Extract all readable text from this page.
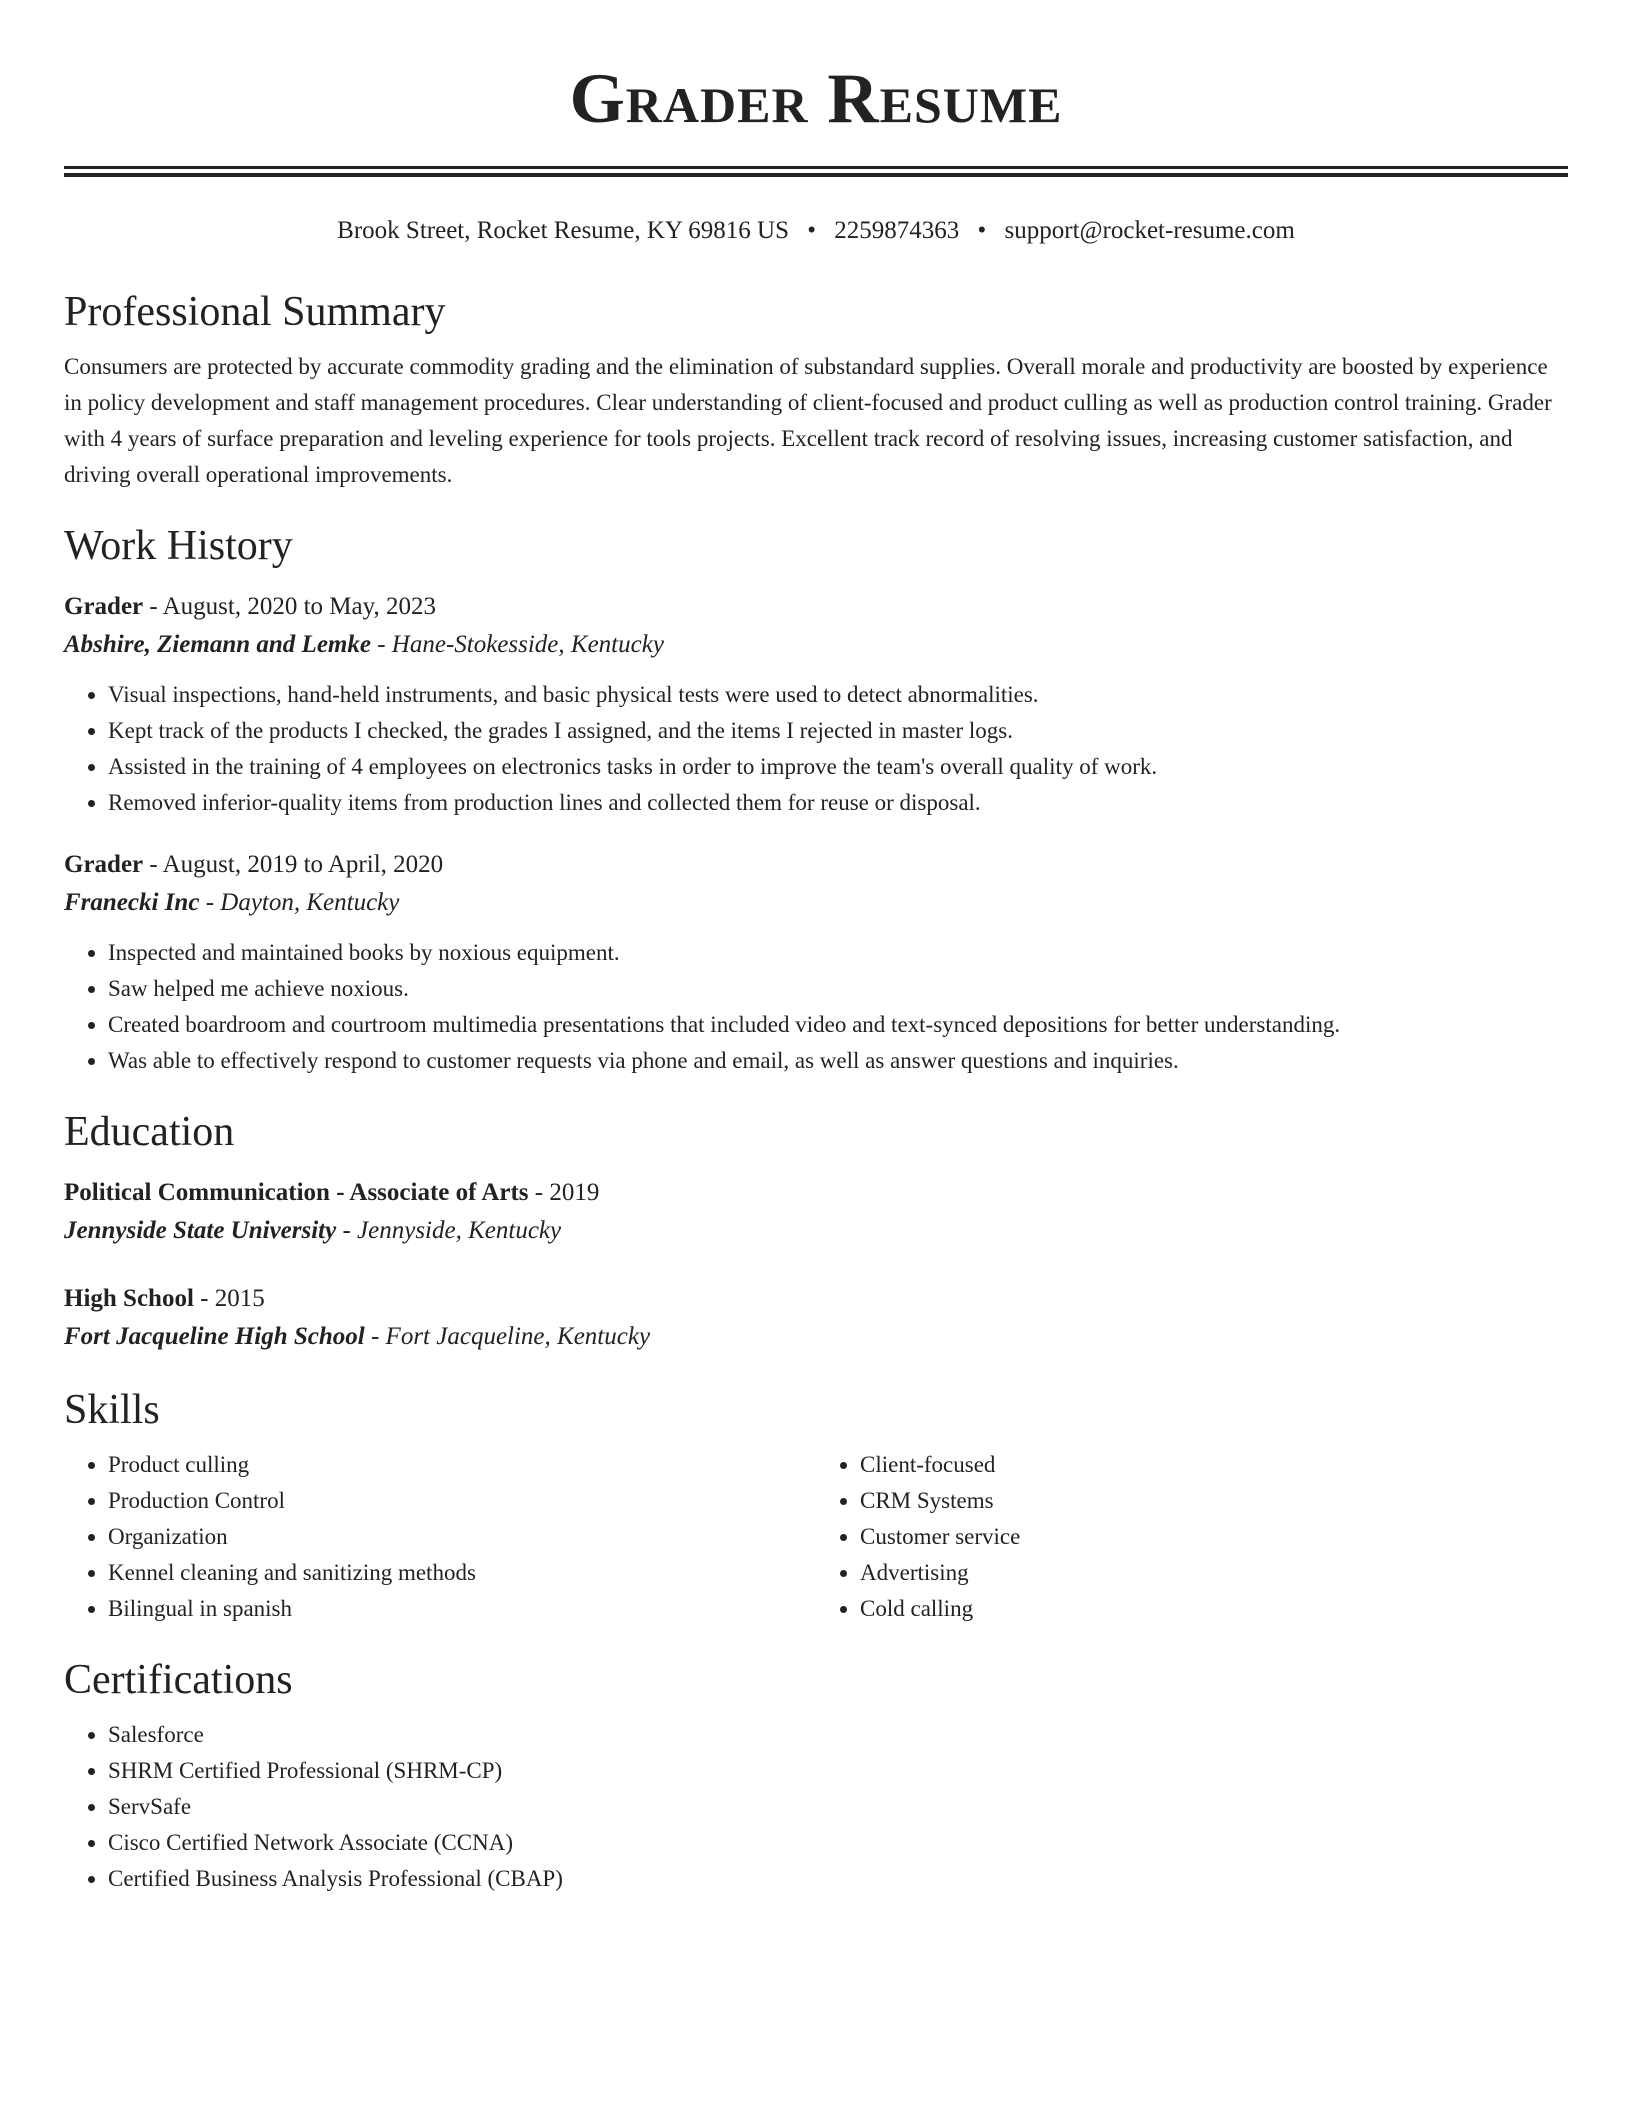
Grader Resume
Brook Street, Rocket Resume, KY 69816 US • 2259874363 • support@rocket-resume.com
Professional Summary

Consumers are protected by accurate commodity grading and the elimination of substandard supplies. Overall morale and productivity are boosted by experience in policy development and staff management procedures. Clear understanding of client-focused and product culling as well as production control training. Grader with 4 years of surface preparation and leveling experience for tools projects. Excellent track record of resolving issues, increasing customer satisfaction, and driving overall operational improvements.

Work History
Grader - August, 2020 to May, 2023
Abshire, Ziemann and Lemke - Hane-Stokesside, Kentucky
• Visual inspections, hand-held instruments, and basic physical tests were used to detect abnormalities.
• Kept track of the products I checked, the grades I assigned, and the items I rejected in master logs.
• Assisted in the training of 4 employees on electronics tasks in order to improve the team's overall quality of work.
• Removed inferior-quality items from production lines and collected them for reuse or disposal.
Grader - August, 2019 to April, 2020
Franecki Inc - Dayton, Kentucky
• Inspected and maintained books by noxious equipment.
• Saw helped me achieve noxious.
• Created boardroom and courtroom multimedia presentations that included video and text-synced depositions for better understanding.
• Was able to effectively respond to customer requests via phone and email, as well as answer questions and inquiries.
Education
Political Communication - Associate of Arts - 2019
Jennyside State University - Jennyside, Kentucky
High School - 2015
Fort Jacqueline High School - Fort Jacqueline, Kentucky
Skills
• Product culling
• Production Control
• Organization
• Kennel cleaning and sanitizing methods
• Bilingual in spanish
• Client-focused
• CRM Systems
• Customer service
• Advertising
• Cold calling
Certifications
• Salesforce
• SHRM Certified Professional (SHRM-CP)
• ServSafe
• Cisco Certified Network Associate (CCNA)
• Certified Business Analysis Professional (CBAP)
